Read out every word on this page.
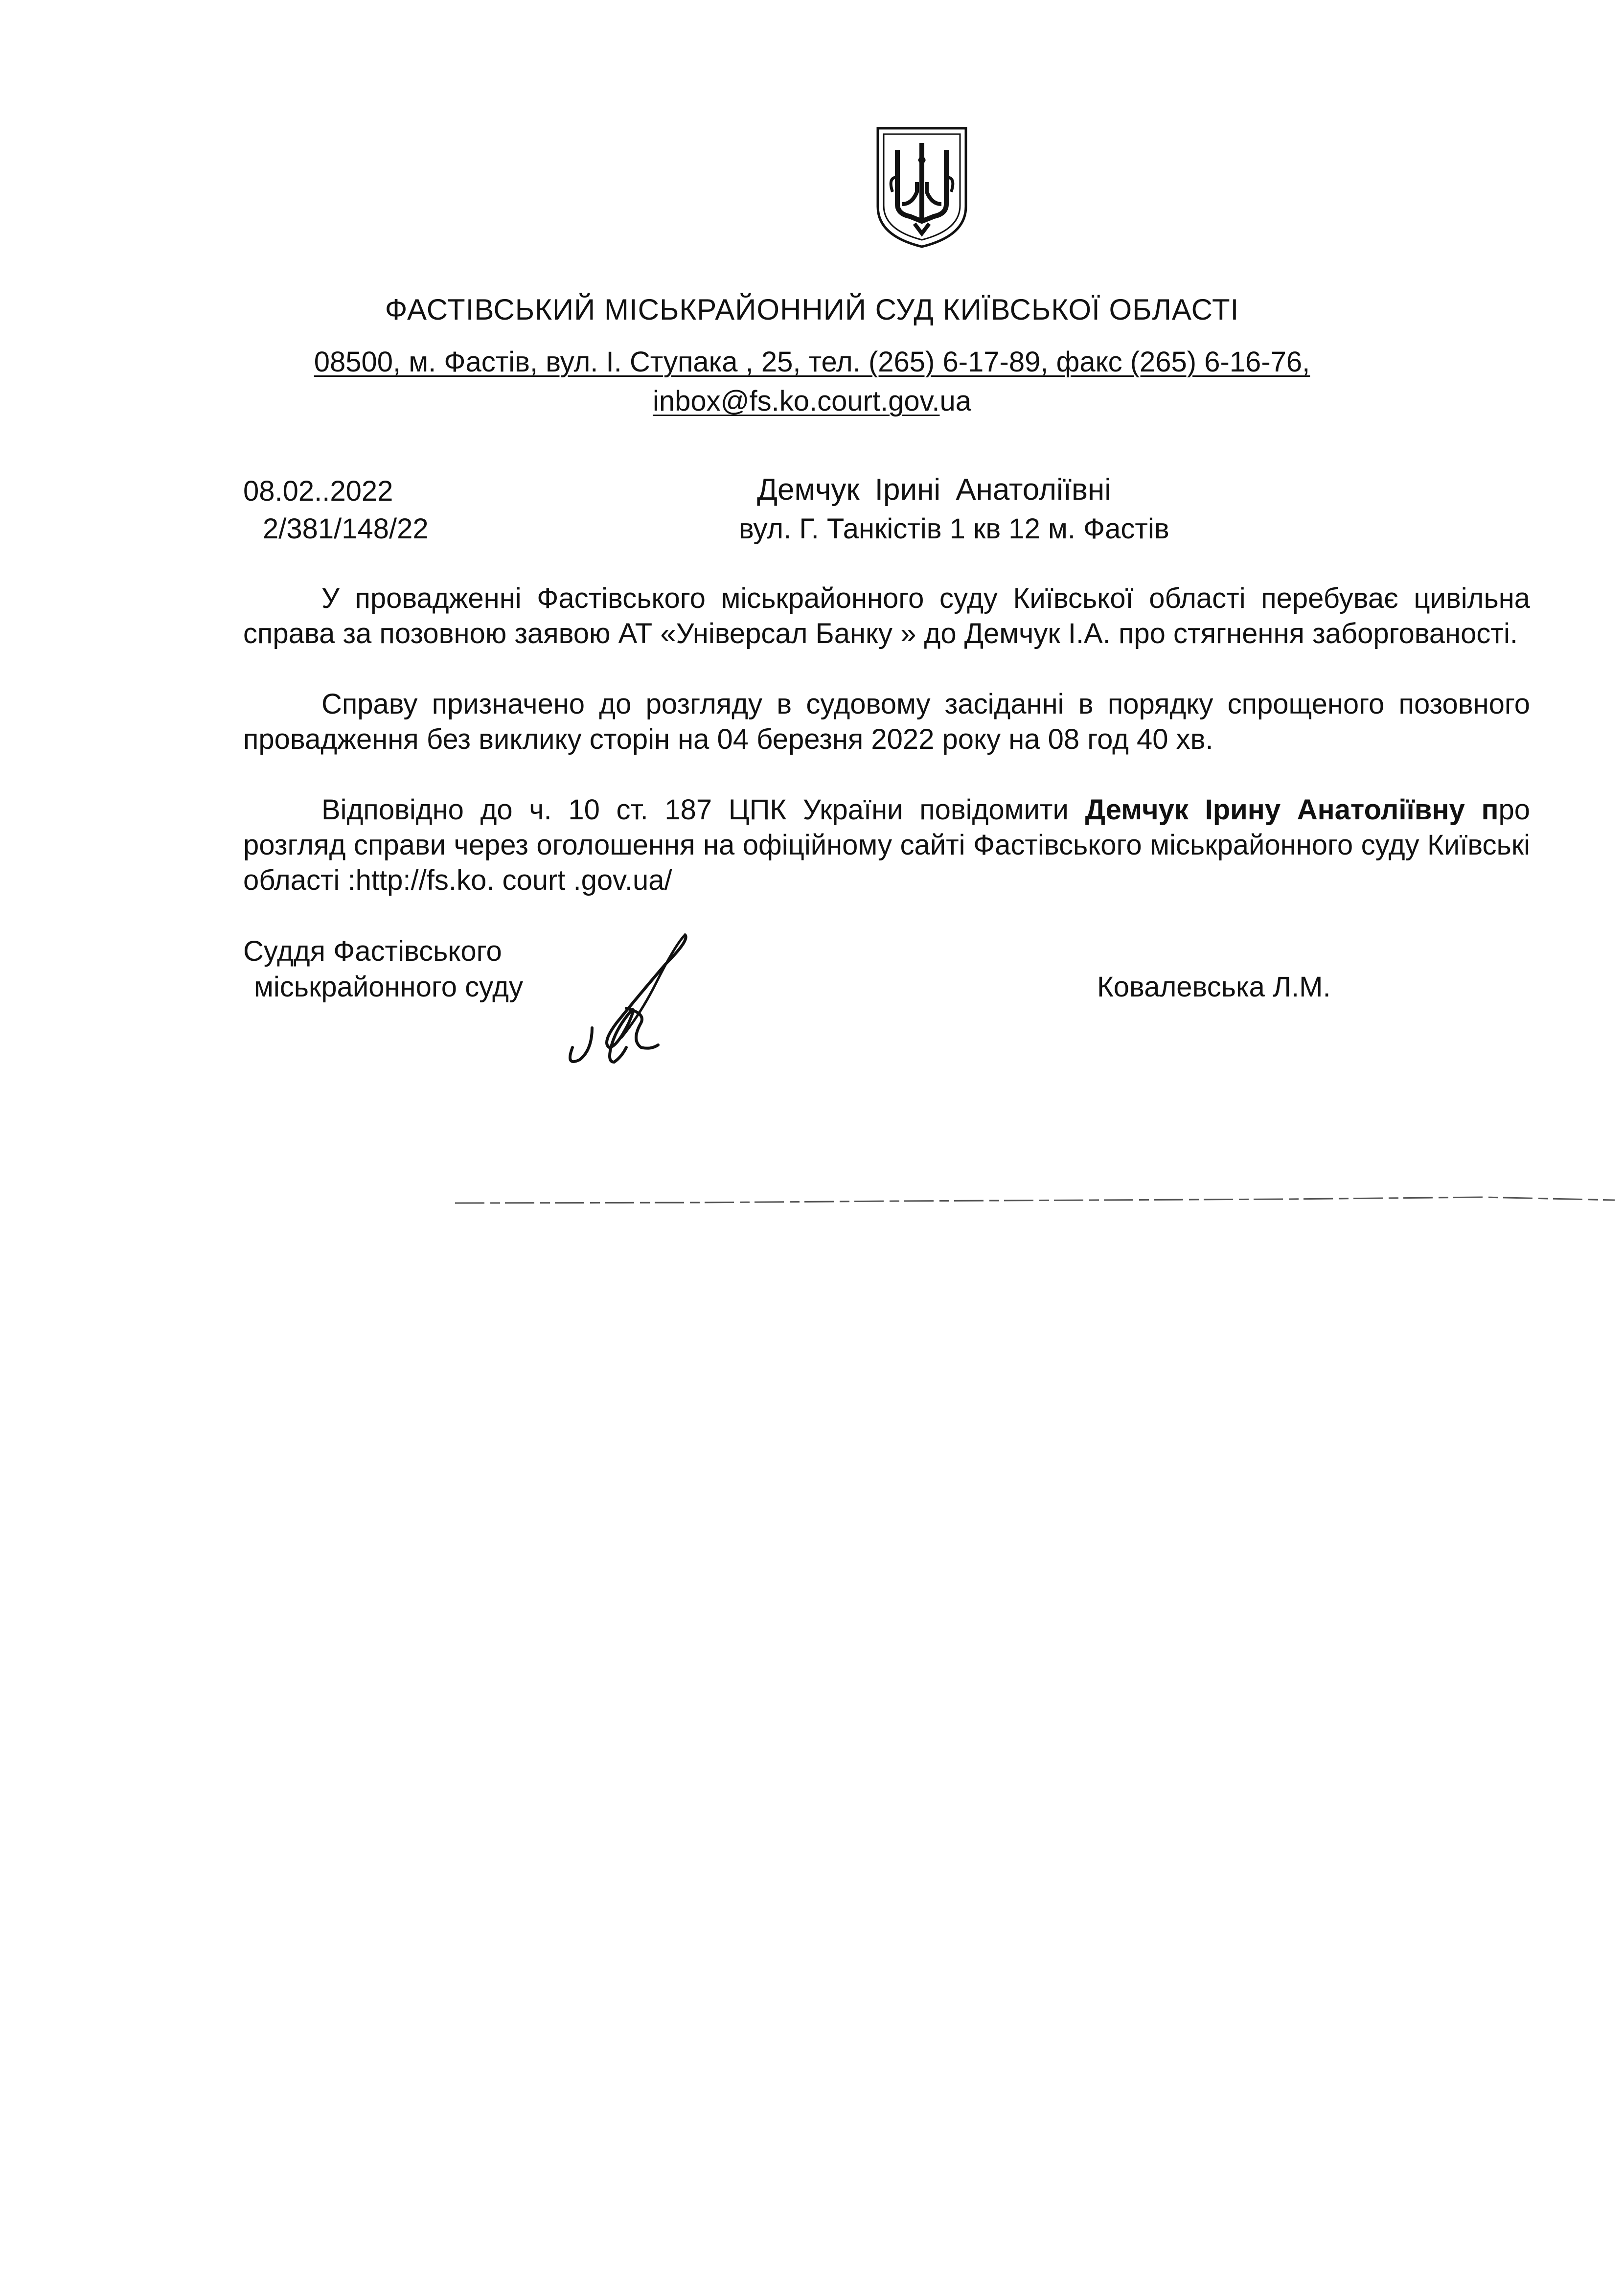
ФАСТІВСЬКИЙ МІСЬКРАЙОННИЙ СУД КИЇВСЬКОЇ ОБЛАСТІ
08500, м. Фастів, вул. І. Ступака , 25, тел. (265) 6-17-89, факс (265) 6-16-76,
inbox@fs.ko.court.gov.ua
08.02..2022
2/381/148/22
Демчук Ірині Анатоліївні
вул. Г. Танкістів 1 кв 12 м. Фастів
У провадженні Фастівського міськрайонного суду Київської області перебуває цивільна справа за позовною заявою АТ «Універсал Банку » до Демчук І.А. про стягнення заборгованості.
Справу призначено до розгляду в судовому засіданні в порядку спрощеного позовного провадження без виклику сторін на 04 березня 2022 року на 08 год 40 хв.
Відповідно до ч. 10 ст. 187 ЦПК України повідомити Демчук Ірину Анатоліївну про розгляд справи через оголошення на офіційному сайті Фастівського міськрайонного суду Київські області :http://fs.ko. court .gov.ua/
Суддя Фастівського
міськрайонного суду	Ковалевська Л.М.
